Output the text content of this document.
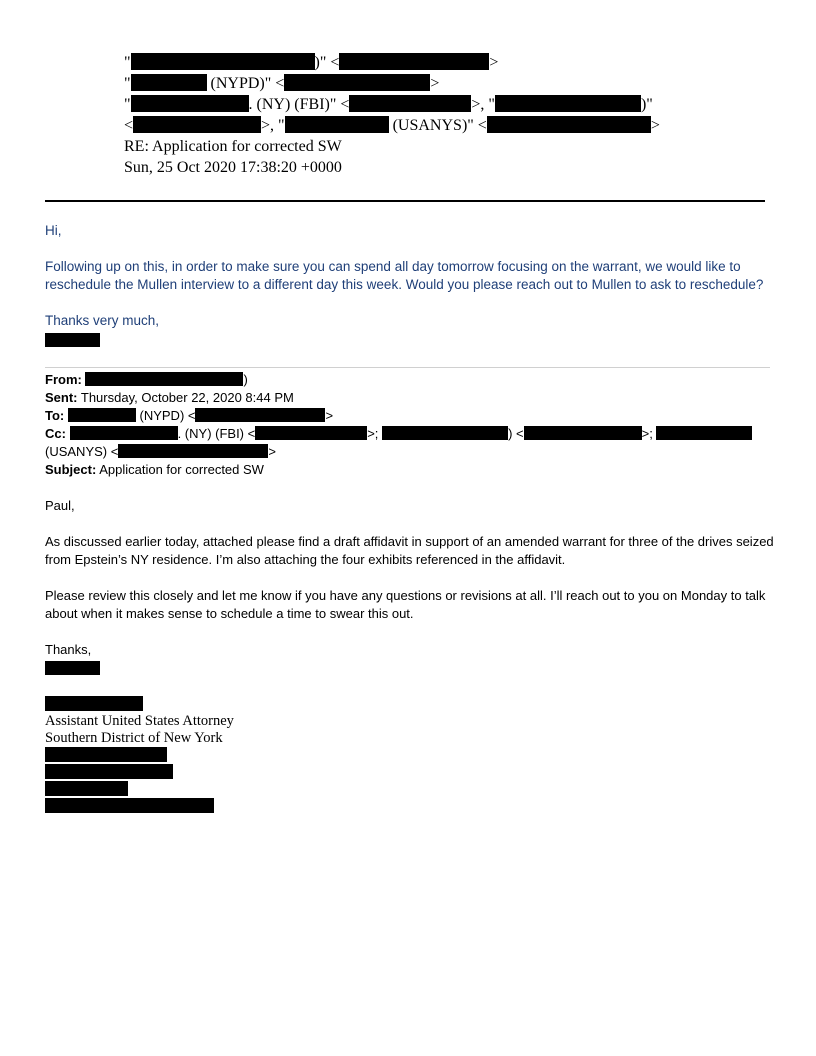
"	)" <	>
"	(NYPD)" <	>
"	. (NY) (FBI)" <	>, "	)"
<	>, "	(USANYS)" <	>
RE: Application for corrected SW
Sun, 25 Oct 2020 17:38:20 +0000
Hi,
Following up on this, in order to make sure you can spend all day tomorrow focusing on the warrant, we would like to reschedule the Mullen interview to a different day this week. Would you please reach out to Mullen to ask to reschedule?
Thanks very much,
From:	)
Sent: Thursday, October 22, 2020 8:44 PM
To:	(NYPD) <	>
Cc:	. (NY) (FBI) <	>;	) <	>;
(USANYS) <	>
Subject: Application for corrected SW
Paul,
As discussed earlier today, attached please find a draft affidavit in support of an amended warrant for three of the drives seized from Epstein’s NY residence. I’m also attaching the four exhibits referenced in the affidavit.
Please review this closely and let me know if you have any questions or revisions at all. I’ll reach out to you on Monday to talk about when it makes sense to schedule a time to swear this out.
Thanks,
Assistant United States Attorney
Southern District of New York
